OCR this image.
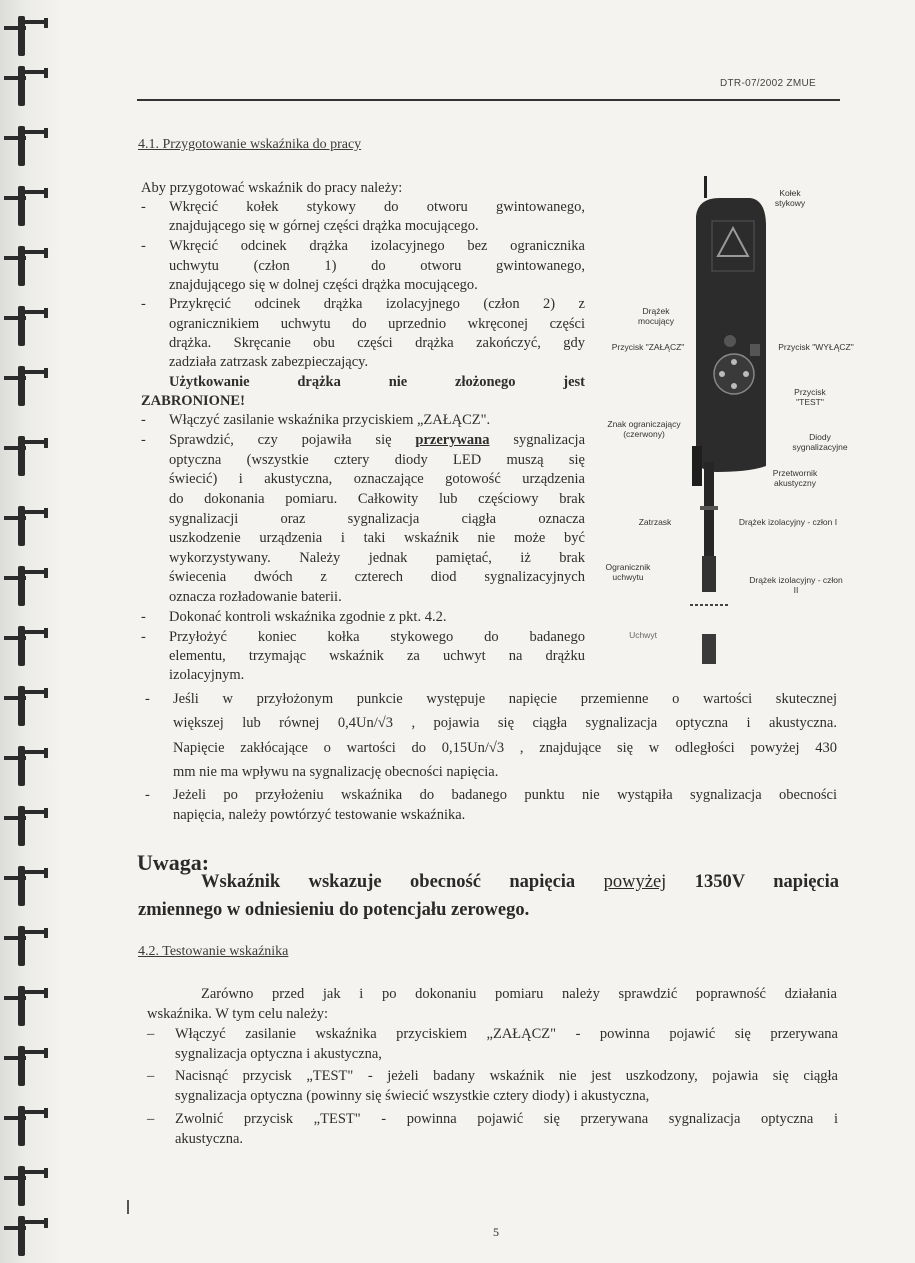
DTR-07/2002 ZMUE
4.1. Przygotowanie wskaźnika do pracy
Aby przygotować wskaźnik do pracy należy:
- Wkręcić kołek stykowy do otworu gwintowanego,
znajdującego się w górnej części drążka mocującego.
- Wkręcić odcinek drążka izolacyjnego bez ogranicznika
uchwytu (człon 1) do otworu gwintowanego,
znajdującego się w dolnej części drążka mocującego.
- Przykręcić odcinek drążka izolacyjnego (człon 2) z
ogranicznikiem uchwytu do uprzednio wkręconej części
drążka. Skręcanie obu części drążka zakończyć, gdy
zadziała zatrzask zabezpieczający.
Użytkowanie drążka nie złożonego jest
ZABRONIONE!
- Włączyć zasilanie wskaźnika przyciskiem „ZAŁĄCZ".
- Sprawdzić, czy pojawiła się przerywana sygnalizacja
optyczna (wszystkie cztery diody LED muszą się
świecić) i akustyczna, oznaczające gotowość urządzenia
do dokonania pomiaru. Całkowity lub częściowy brak
sygnalizacji oraz sygnalizacja ciągła oznacza
uszkodzenie urządzenia i taki wskaźnik nie może być
wykorzystywany. Należy jednak pamiętać, iż brak
świecenia dwóch z czterech diod sygnalizacyjnych
oznacza rozładowanie baterii.
- Dokonać kontroli wskaźnika zgodnie z pkt. 4.2.
- Przyłożyć koniec kołka stykowego do badanego
elementu, trzymając wskaźnik za uchwyt na drążku
izolacyjnym.
- Jeśli w przyłożonym punkcie występuje napięcie przemienne o wartości skutecznej
większej lub równej 0,4Un/√3 , pojawia się ciągła sygnalizacja optyczna i akustyczna.
Napięcie zakłócające o wartości do 0,15Un/√3 , znajdujące się w odległości powyżej 430
mm nie ma wpływu na sygnalizację obecności napięcia.
- Jeżeli po przyłożeniu wskaźnika do badanego punktu nie wystąpiła sygnalizacja obecności
napięcia, należy powtórzyć testowanie wskaźnika.
Kołek stykowy
Drążek mocujący
Przycisk "ZAŁĄCZ"	Przycisk "WYŁĄCZ"
Przycisk "TEST"
Znak ograniczający (czerwony)	Diody sygnalizacyjne
Przetwornik akustyczny
Zatrzask	Drążek izolacyjny - człon I
Ogranicznik uchwytu	Drążek izolacyjny - człon II
Uchwyt
Uwaga:
Wskaźnik wskazuje obecność napięcia powyżej 1350V napięcia
zmiennego w odniesieniu do potencjału zerowego.
4.2. Testowanie wskaźnika
Zarówno przed jak i po dokonaniu pomiaru należy sprawdzić poprawność działania
wskaźnika. W tym celu należy:
– Włączyć zasilanie wskaźnika przyciskiem „ZAŁĄCZ" - powinna pojawić się przerywana
sygnalizacja optyczna i akustyczna,
– Nacisnąć przycisk „TEST" - jeżeli badany wskaźnik nie jest uszkodzony, pojawia się ciągła
sygnalizacja optyczna (powinny się świecić wszystkie cztery diody) i akustyczna,
– Zwolnić przycisk „TEST" - powinna pojawić się przerywana sygnalizacja optyczna i
akustyczna.
5
